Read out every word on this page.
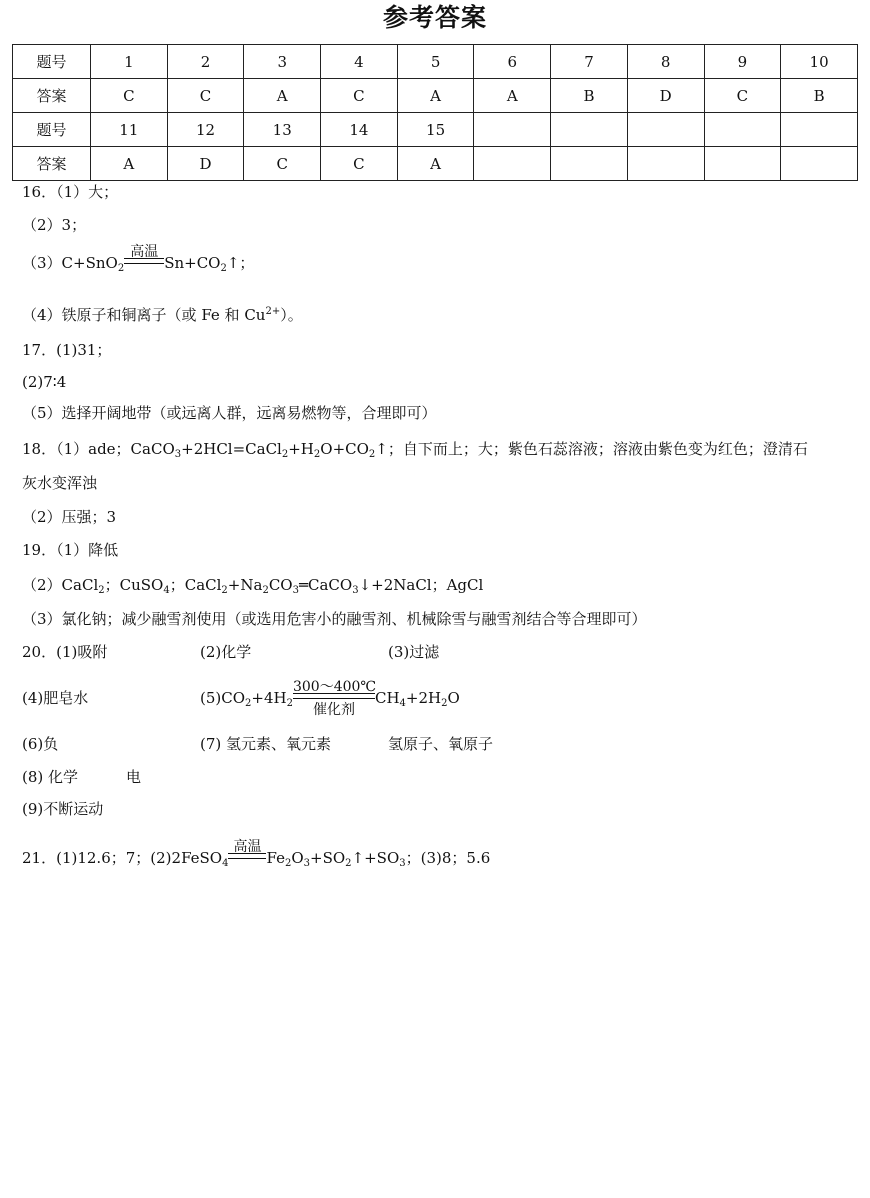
参考答案
题号	1	2	3	4	5	6	7	8	9	10
答案	C	C	A	C	A	A	B	D	C	B
题号	11	12	13	14	15					
答案	A	D	C	C	A					
16．（1）大；
（2）3；
（3）C+SnO$_2$
高温
$Sn+CO_2↑$；
（4）铁原子和铜离子（或 Fe 和 $Cu^{2+}$）。
17．(1)31；
(2)7∶4
（5）选择开阔地带（或远离人群，远离易燃物等，合理即可）
18．（1）ade；$CaCO_3+2HCl=CaCl_2+H_2O+CO_2↑$；自下而上；大；紫色石蕊溶液；溶液由紫色变为红色；澄清石
灰水变浑浊
（2）压强；3
19．（1）降低
（2）CaCl$_2$；CuSO$_4$；$CaCl_2+Na_2CO_3═CaCO_3↓+2NaCl$；AgCl
（3）氯化钠；减少融雪剂使用（或选用危害小的融雪剂、机械除雪与融雪剂结合等合理即可）
20．(1)吸附	(2)化学	(3)过滤
(4)肥皂水	$(5)CO_2+4H_2$
300～400℃
催化剂
$CH_4+2H_2O$
(6)负	(7) 氢元素、氧元素	氢原子、氧原子
(8) 化学	电
(9)不断运动
21．(1)12.6；7；(2)2FeSO$_4$
高温
$Fe_2O_3+SO_2↑+SO_3$；(3)8；5.6
